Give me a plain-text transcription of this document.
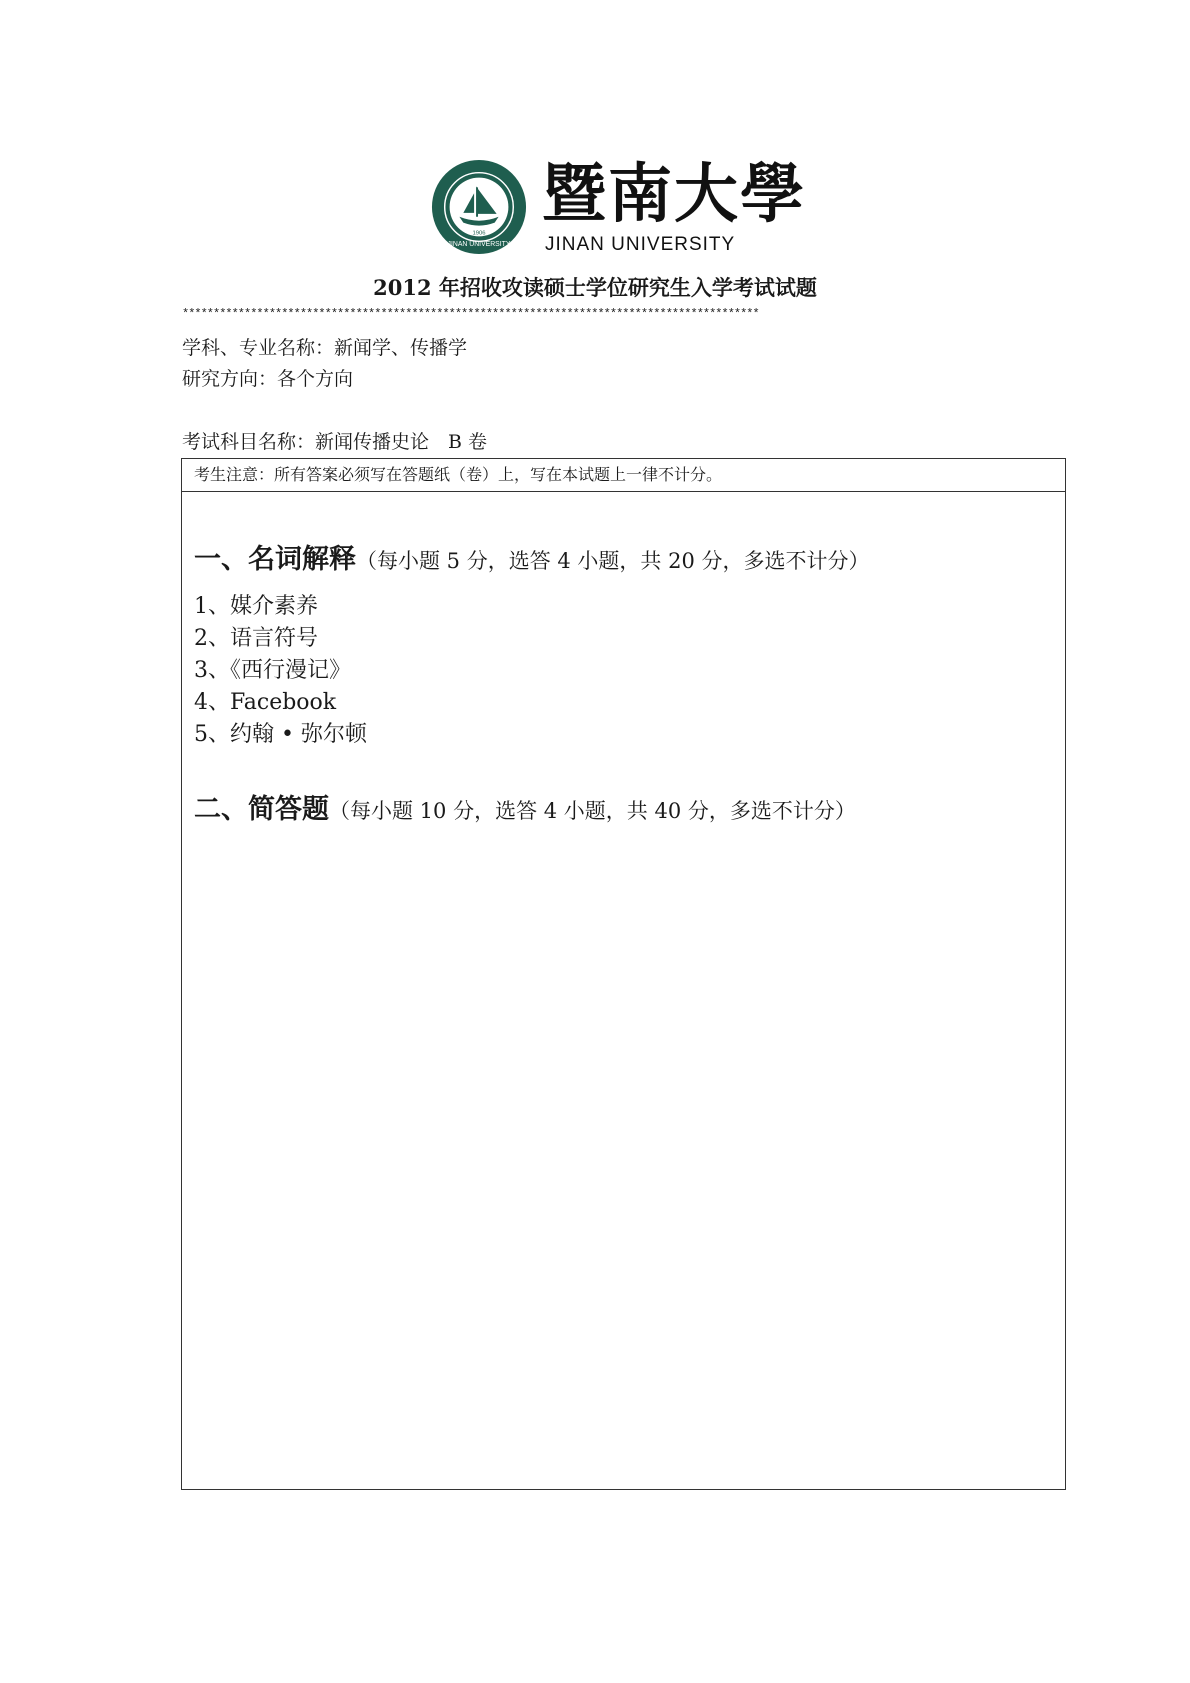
JINAN UNIVERSITY
1906
暨南大學
JINAN UNIVERSITY
2012 年招收攻读硕士学位研究生入学考试试题
*********************************************************************************************
学科、专业名称：新闻学、传播学
研究方向：各个方向
考试科目名称：新闻传播史论　B 卷
考生注意：所有答案必须写在答题纸（卷）上，写在本试题上一律不计分。
一、名词解释（每小题 5 分，选答 4 小题，共 20 分，多选不计分）
1、媒介素养
2、语言符号
3、《西行漫记》
4、Facebook
5、约翰 • 弥尔顿
二、简答题（每小题 10 分，选答 4 小题，共 40 分，多选不计分）
